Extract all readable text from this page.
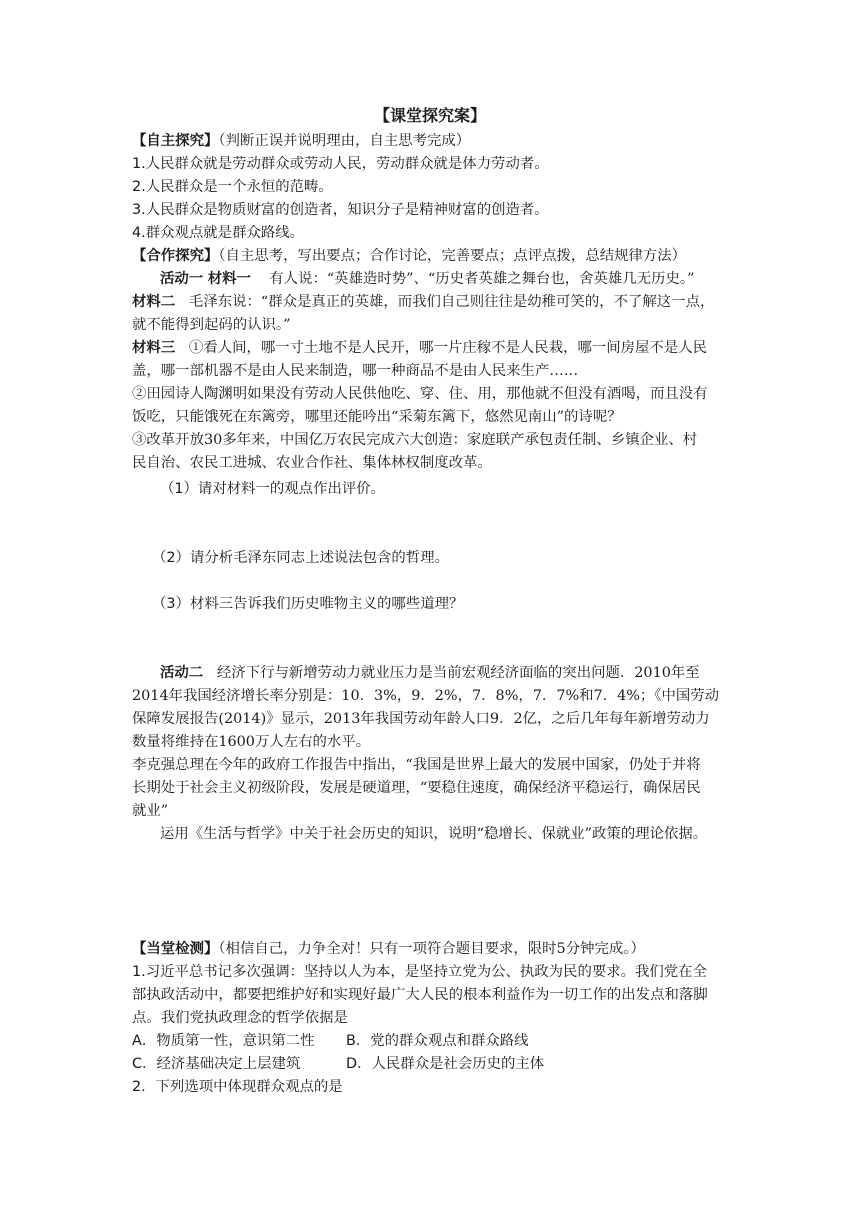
【课堂探究案】
【自主探究】（判断正误并说明理由，自主思考完成）
1.人民群众就是劳动群众或劳动人民，劳动群众就是体力劳动者。
2.人民群众是一个永恒的范畴。
3.人民群众是物质财富的创造者，知识分子是精神财富的创造者。
4.群众观点就是群众路线。
【合作探究】（自主思考，写出要点；合作讨论，完善要点；点评点拨，总结规律方法）
活动一 材料一 有人说：“英雄造时势”、“历史者英雄之舞台也，舍英雄几无历史。”
材料二 毛泽东说：“群众是真正的英雄，而我们自己则往往是幼稚可笑的，不了解这一点，
就不能得到起码的认识。”
材料三 ①看人间，哪一寸土地不是人民开，哪一片庄稼不是人民栽，哪一间房屋不是人民
盖，哪一部机器不是由人民来制造，哪一种商品不是由人民来生产……
②田园诗人陶渊明如果没有劳动人民供他吃、穿、住、用，那他就不但没有酒喝，而且没有
饭吃，只能饿死在东篱旁，哪里还能吟出“采菊东篱下，悠然见南山”的诗呢？
③改革开放30多年来，中国亿万农民完成六大创造：家庭联产承包责任制、乡镇企业、村
民自治、农民工进城、农业合作社、集体林权制度改革。
（1）请对材料一的观点作出评价。
（2）请分析毛泽东同志上述说法包含的哲理。
（3）材料三告诉我们历史唯物主义的哪些道理？
活动二 经济下行与新增劳动力就业压力是当前宏观经济面临的突出问题．2010年至
2014年我国经济增长率分别是：10．3%，9．2%，7．8%，7．7%和7．4%；《中国劳动
保障发展报告(2014)》显示，2013年我国劳动年龄人口9．2亿，之后几年每年新增劳动力
数量将维持在1600万人左右的水平。
李克强总理在今年的政府工作报告中指出，“我国是世界上最大的发展中国家，仍处于并将
长期处于社会主义初级阶段，发展是硬道理，“要稳住速度，确保经济平稳运行，确保居民
就业”
运用《生活与哲学》中关于社会历史的知识，说明“稳增长、保就业”政策的理论依据。
【当堂检测】（相信自己，力争全对！只有一项符合题目要求，限时5分钟完成。）
1.习近平总书记多次强调：坚持以人为本，是坚持立党为公、执政为民的要求。我们党在全
部执政活动中，都要把维护好和实现好最广大人民的根本利益作为一切工作的出发点和落脚
点。我们党执政理念的哲学依据是
A．物质第一性，意识第二性 B．党的群众观点和群众路线
C．经济基础决定上层建筑	D．人民群众是社会历史的主体
2．下列选项中体现群众观点的是
